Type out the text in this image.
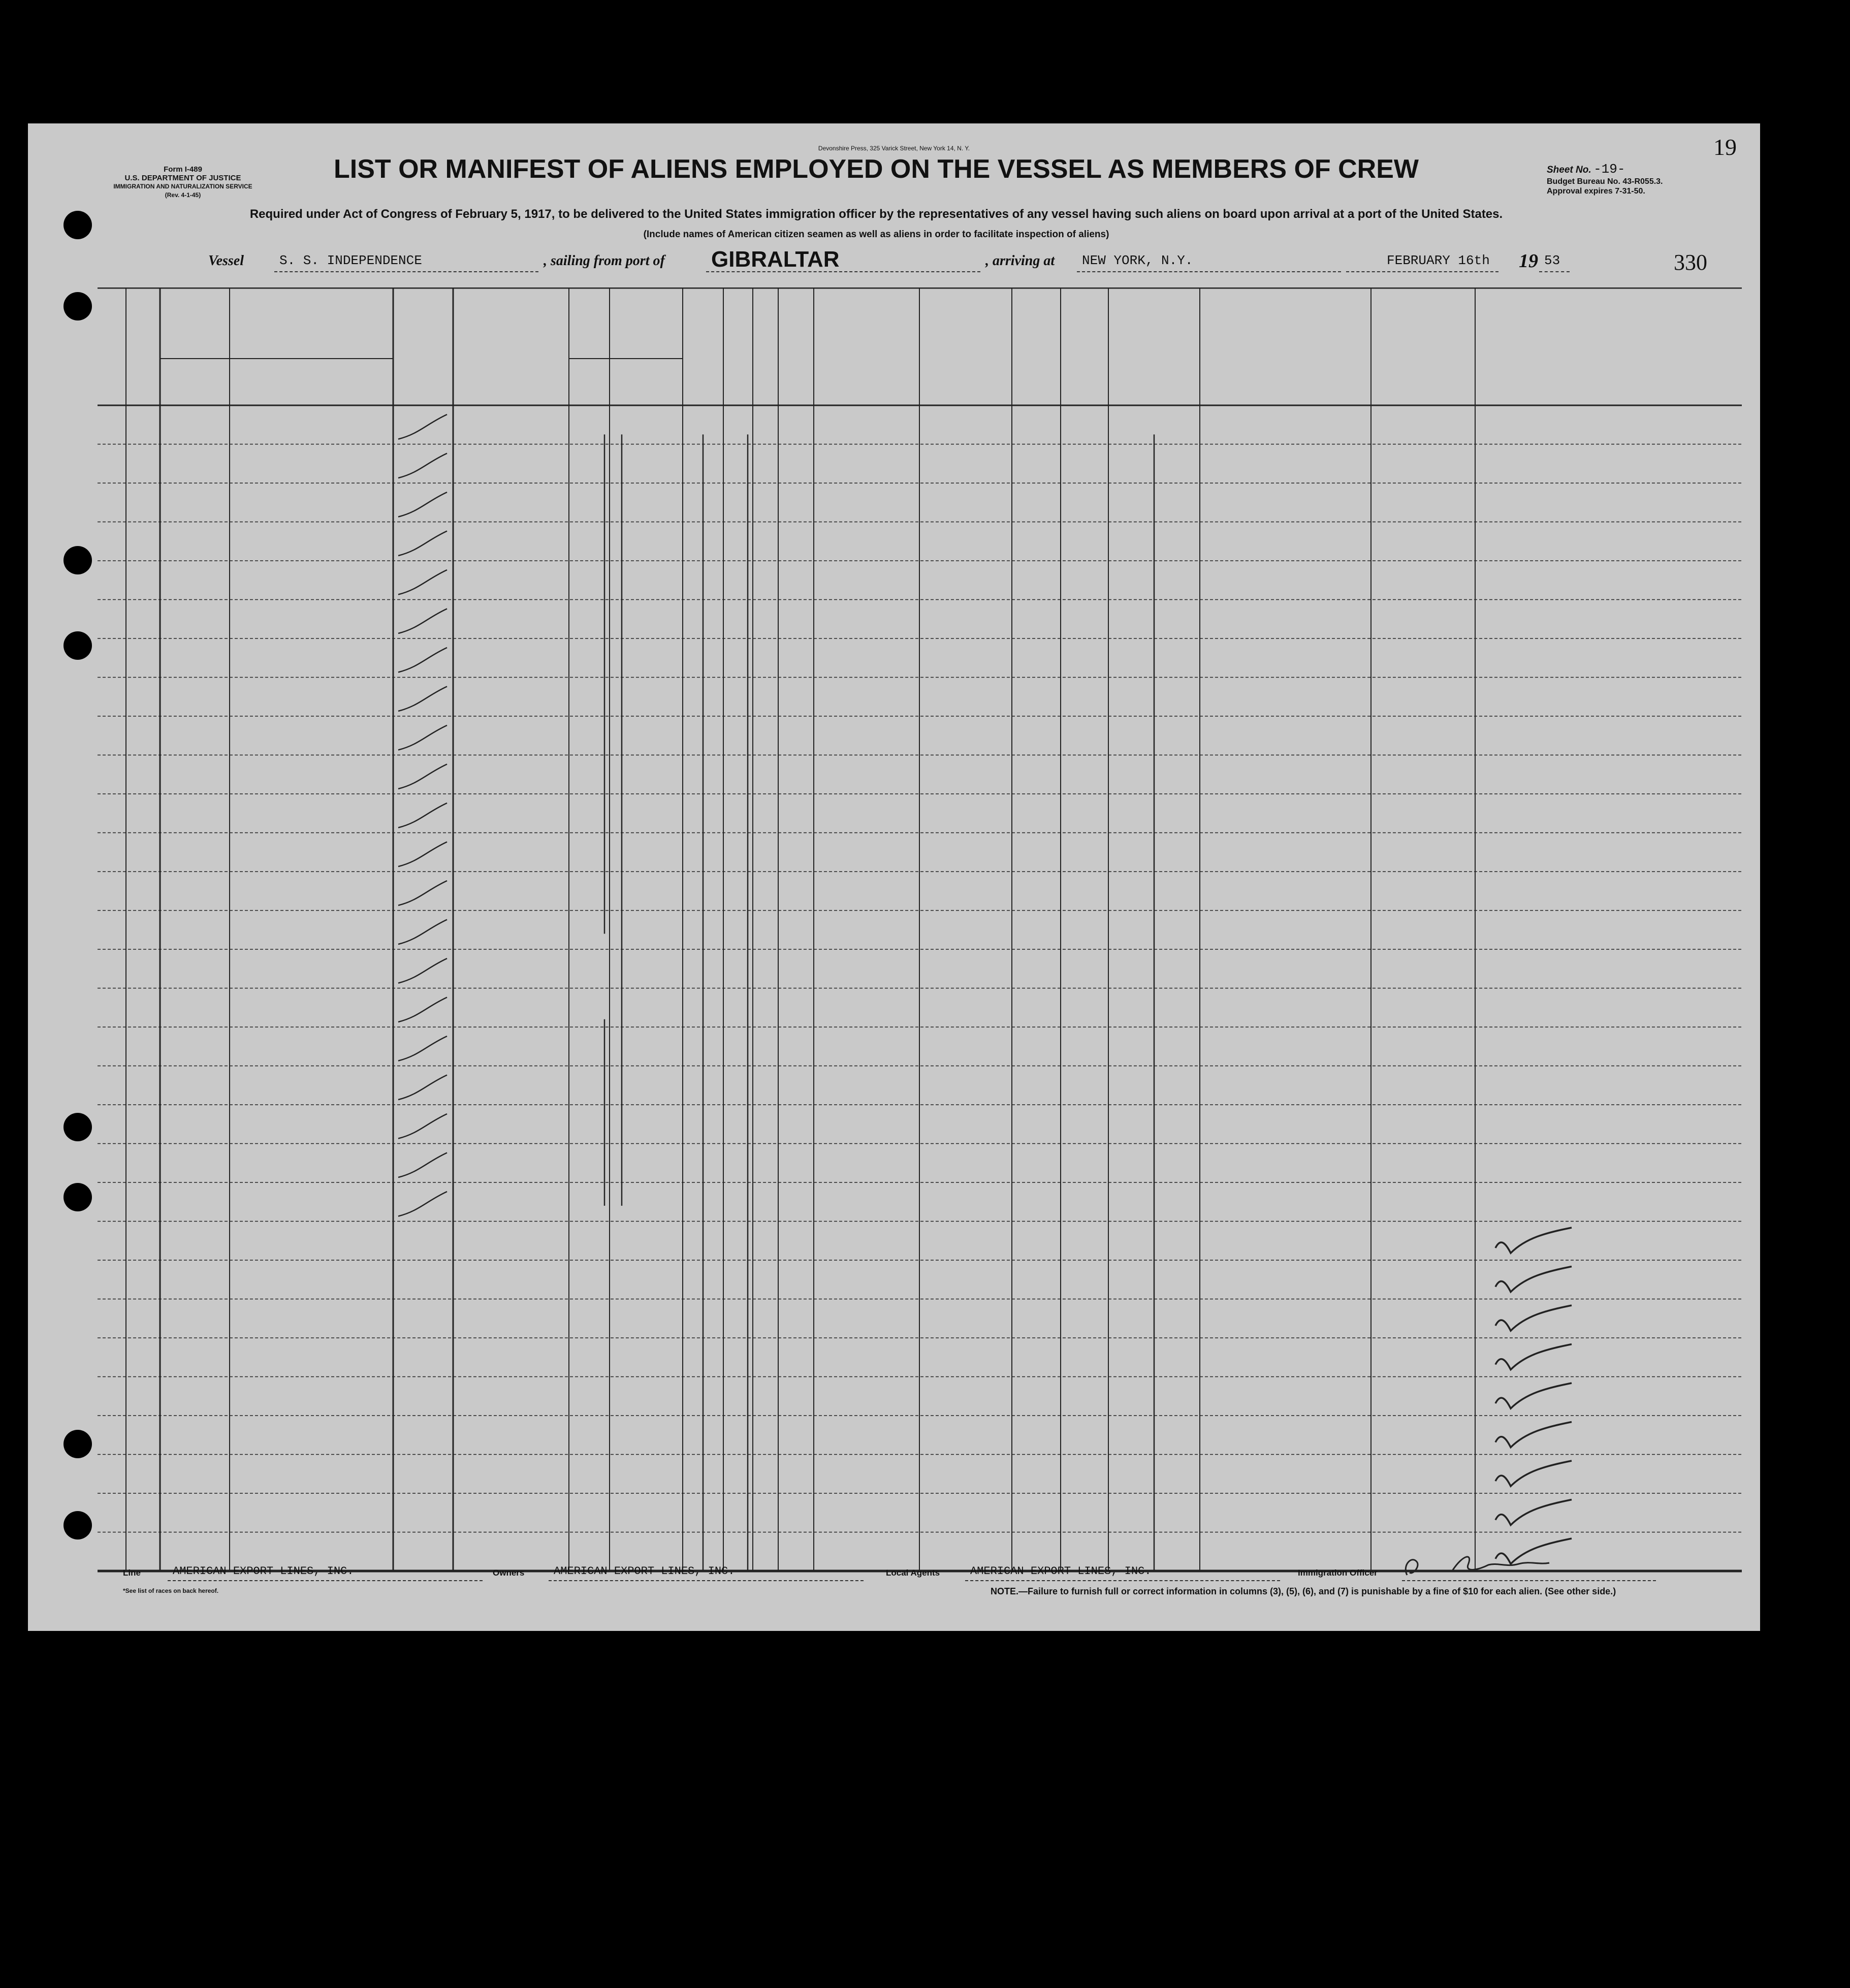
19
Devonshire Press, 325 Varick Street, New York 14, N. Y.
Form I-489
U.S. DEPARTMENT OF JUSTICE
IMMIGRATION AND NATURALIZATION SERVICE
(Rev. 4-1-45)
LIST OR MANIFEST OF ALIENS EMPLOYED ON THE VESSEL AS MEMBERS OF CREW
Required under Act of Congress of February 5, 1917, to be delivered to the United States immigration officer by the representatives of any vessel having such aliens on board upon arrival at a port of the United States.
(Include names of American citizen seamen as well as aliens in order to facilitate inspection of aliens)
Sheet No. -19-
Budget Bureau No. 43-R055.3.
Approval expires 7-31-50.
Vessel	S. S. INDEPENDENCE	, sailing from port of GIBRALTAR	, arriving at NEW YORK, N.Y.	FEBRUARY 16th 19 53	330
Line	AMERICAN EXPORT LINES, INC.	Owners	AMERICAN EXPORT LINES, INC.	Local Agents	AMERICAN EXPORT LINES, INC.	Immigration Officer
*See list of races on back hereof.	NOTE.—Failure to furnish full or correct information in columns (3), (5), (6), and (7) is punishable by a fine of $10 for each alien. (See other side.)
